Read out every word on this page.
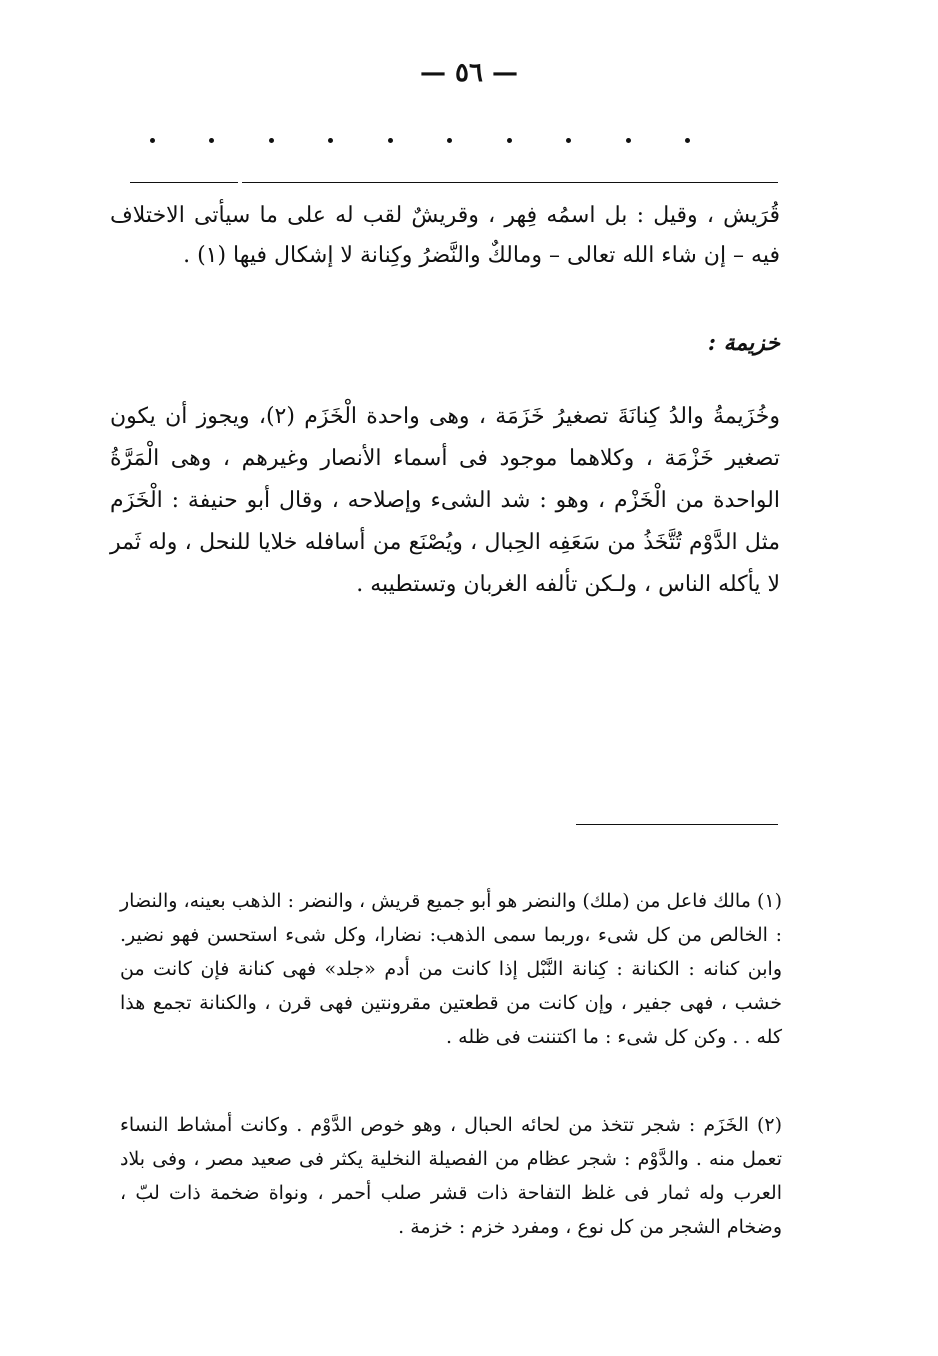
— ٥٦ —

قُرَيش ، وقيل : بل اسمُه فِهر ، وقريشٌ لقب له على ما سيأتى الاختلاف فيه – إن شاء الله تعالى – ومالكٌ والنَّضرُ وكِنانة لا إشكال فيها (١) .

خزيمة :

وخُزَيمةُ والدُ كِنانَةَ تصغيرُ خَزَمَة ، وهى واحدة الْخَزَم (٢)، ويجوز أن يكون تصغير خَزْمَة ، وكلاهما موجود فى أسماء الأنصار وغيرهم ، وهى الْمَرَّةُ الواحدة من الْخَزْم ، وهو : شد الشىء وإصلاحه ، وقال أبو حنيفة : الْخَزَم مثل الدَّوْم تُتَّخَذُ من سَعَفِه الحِبال ، ويُصْنَع من أسافله خلايا للنحل ، وله ثَمر لا يأكله الناس ، ولـكن تألفه الغربان وتستطيبه .

(١) مالك فاعل من (ملك) والنضر هو أبو جميع قريش ، والنضر : الذهب بعينه، والنضار : الخالص من كل شىء ،وربما سمى الذهب: نضارا، وكل شىء استحسن فهو نضير. وابن كنانه : الكنانة : كِنانة النَّبْل إذا كانت من أدم «جلد» فهى كنانة فإن كانت من خشب ، فهى جفير ، وإن كانت من قطعتين مقرونتين فهى قرن ، والكنانة تجمع هذا كله . . وكن كل شىء : ما اكتننت فى ظله .

(٢) الخَزَم : شجر تتخذ من لحائه الحبال ، وهو خوص الدَّوْم . وكانت أمشاط النساء تعمل منه . والدَّوْم : شجر عظام من الفصيلة النخلية يكثر فى صعيد مصر ، وفى بلاد العرب وله ثمار فى غلظ التفاحة ذات قشر صلب أحمر ، ونواة ضخمة ذات لبّ ، وضخام الشجر من كل نوع ، ومفرد خزم : خزمة .
